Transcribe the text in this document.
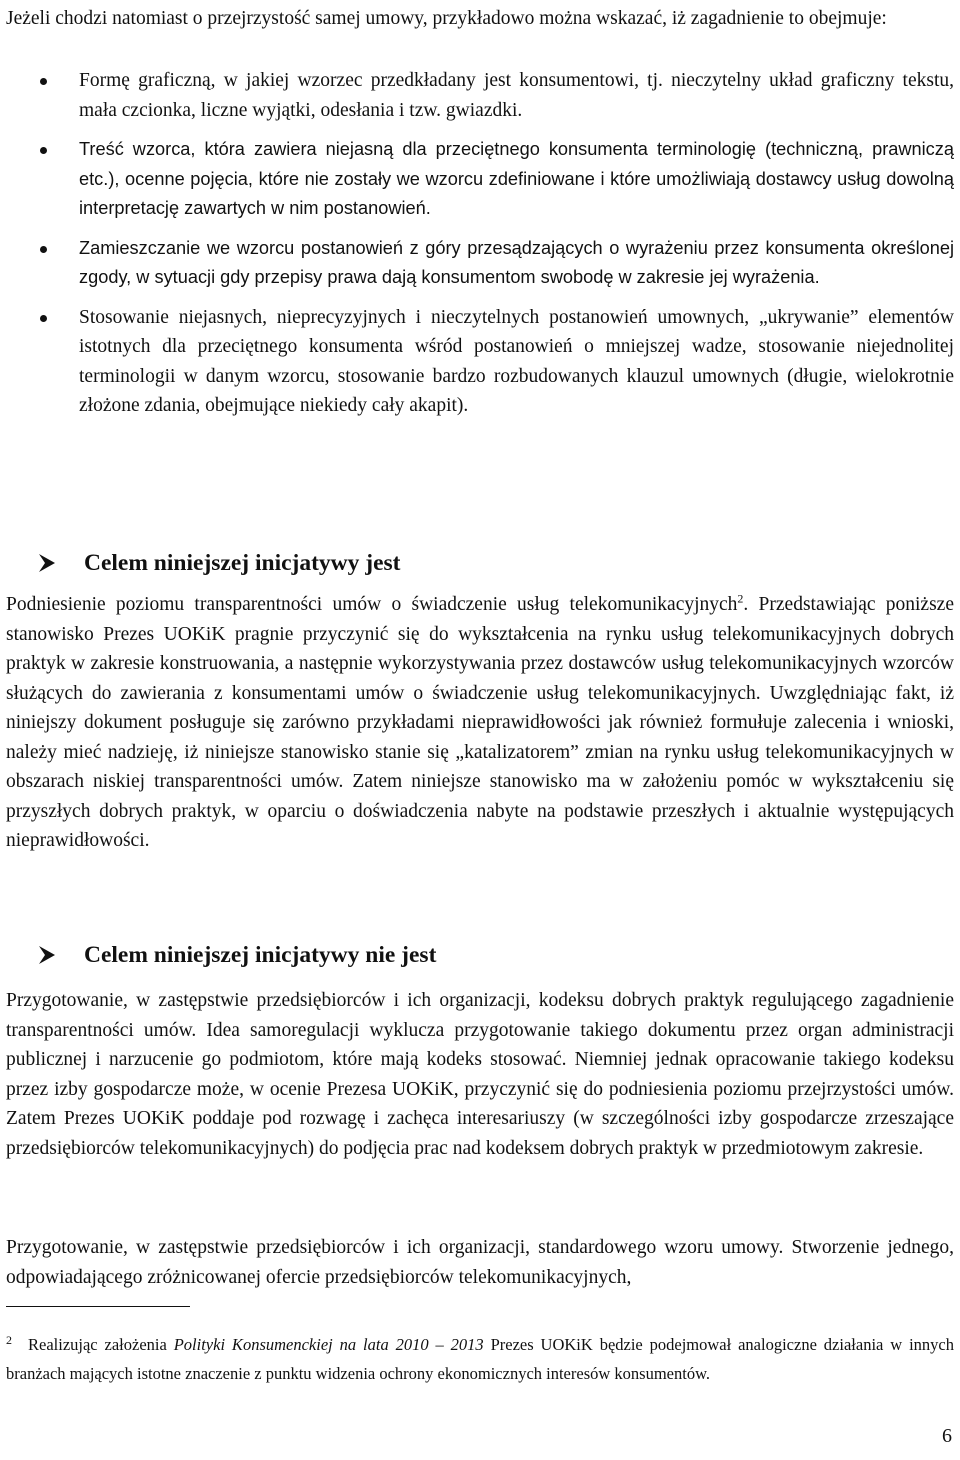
Jeżeli chodzi natomiast o przejrzystość samej umowy, przykładowo można wskazać, iż zagadnienie to obejmuje:

Formę graficzną, w jakiej wzorzec przedkładany jest konsumentowi, tj. nieczytelny układ graficzny tekstu, mała czcionka, liczne wyjątki, odesłania i tzw. gwiazdki.
Treść wzorca, która zawiera niejasną dla przeciętnego konsumenta terminologię (techniczną, prawniczą etc.), ocenne pojęcia, które nie zostały we wzorcu zdefiniowane i które umożliwiają dostawcy usług dowolną interpretację zawartych w nim postanowień.
Zamieszczanie we wzorcu postanowień z góry przesądzających o wyrażeniu przez konsumenta określonej zgody, w sytuacji gdy przepisy prawa dają konsumentom swobodę w zakresie jej wyrażenia.
Stosowanie niejasnych, nieprecyzyjnych i nieczytelnych postanowień umownych, „ukrywanie” elementów istotnych dla przeciętnego konsumenta wśród postanowień o mniejszej wadze, stosowanie niejednolitej terminologii w danym wzorcu, stosowanie bardzo rozbudowanych klauzul umownych (długie, wielokrotnie złożone zdania, obejmujące niekiedy cały akapit).
Celem niniejszej inicjatywy jest

Podniesienie poziomu transparentności umów o świadczenie usług telekomunikacyjnych$^2$. Przedstawiając poniższe stanowisko Prezes UOKiK pragnie przyczynić się do wykształcenia na rynku usług telekomunikacyjnych dobrych praktyk w zakresie konstruowania, a następnie wykorzystywania przez dostawców usług telekomunikacyjnych wzorców służących do zawierania z konsumentami umów o świadczenie usług telekomunikacyjnych. Uwzględniając fakt, iż niniejszy dokument posługuje się zarówno przykładami nieprawidłowości jak również formułuje zalecenia i wnioski, należy mieć nadzieję, iż niniejsze stanowisko stanie się „katalizatorem” zmian na rynku usług telekomunikacyjnych w obszarach niskiej transparentności umów. Zatem niniejsze stanowisko ma w założeniu pomóc w wykształceniu się przyszłych dobrych praktyk, w oparciu o doświadczenia nabyte na podstawie przeszłych i aktualnie występujących nieprawidłowości.

Celem niniejszej inicjatywy nie jest

Przygotowanie, w zastępstwie przedsiębiorców i ich organizacji, kodeksu dobrych praktyk regulującego zagadnienie transparentności umów. Idea samoregulacji wyklucza przygotowanie takiego dokumentu przez organ administracji publicznej i narzucenie go podmiotom, które mają kodeks stosować. Niemniej jednak opracowanie takiego kodeksu przez izby gospodarcze może, w ocenie Prezesa UOKiK, przyczynić się do podniesienia poziomu przejrzystości umów. Zatem Prezes UOKiK poddaje pod rozwagę i zachęca interesariuszy (w szczególności izby gospodarcze zrzeszające przedsiębiorców telekomunikacyjnych) do podjęcia prac nad kodeksem dobrych praktyk w przedmiotowym zakresie.

Przygotowanie, w zastępstwie przedsiębiorców i ich organizacji, standardowego wzoru umowy. Stworzenie jednego, odpowiadającego zróżnicowanej ofercie przedsiębiorców telekomunikacyjnych,

$^2$ Realizując założenia Polityki Konsumenckiej na lata 2010 – 2013 Prezes UOKiK będzie podejmował analogiczne działania w innych branżach mających istotne znaczenie z punktu widzenia ochrony ekonomicznych interesów konsumentów.

6
